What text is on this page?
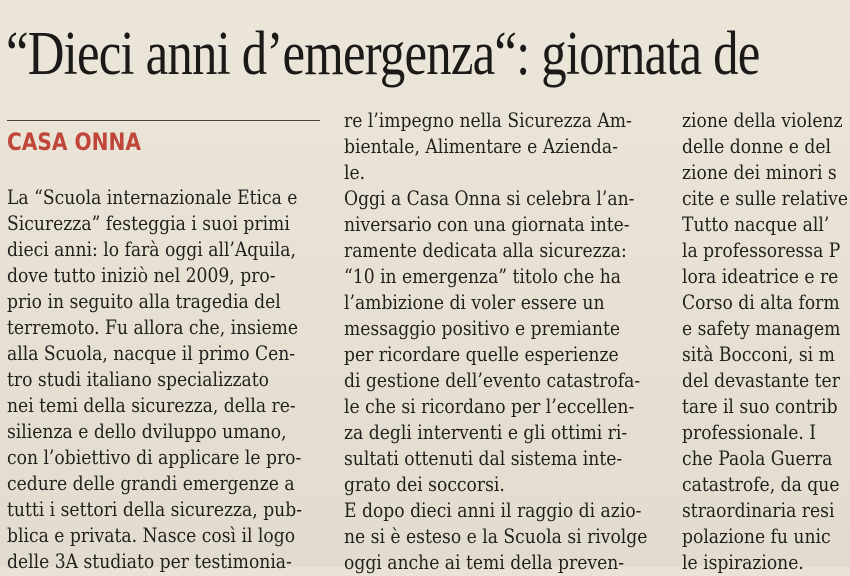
“Dieci anni d’emergenza“: giornata de
CASA ONNA
La “Scuola internazionale Etica e
Sicurezza” festeggia i suoi primi
dieci anni: lo farà oggi all’Aquila,
dove tutto iniziò nel 2009, pro-
prio in seguito alla tragedia del
terremoto. Fu allora che, insieme
alla Scuola, nacque il primo Cen-
tro studi italiano specializzato
nei temi della sicurezza, della re-
silienza e dello dviluppo umano,
con l’obiettivo di applicare le pro-
cedure delle grandi emergenze a
tutti i settori della sicurezza, pub-
blica e privata. Nasce così il logo
delle 3A studiato per testimonia-
re l’impegno nella Sicurezza Am-
bientale, Alimentare e Azienda-
le.
Oggi a Casa Onna si celebra l’an-
niversario con una giornata inte-
ramente dedicata alla sicurezza:
“10 in emergenza” titolo che ha
l’ambizione di voler essere un
messaggio positivo e premiante
per ricordare quelle esperienze
di gestione dell’evento catastrofa-
le che si ricordano per l’eccellen-
za degli interventi e gli ottimi ri-
sultati ottenuti dal sistema inte-
grato dei soccorsi.
E dopo dieci anni il raggio di azio-
ne si è esteso e la Scuola si rivolge
oggi anche ai temi della preven-
zione della violenz
delle donne e del
zione dei minori s
cite e sulle relative
Tutto nacque all’
la professoressa P
lora ideatrice e re
Corso di alta form
e safety managem
sità Bocconi, si m
del devastante ter
tare il suo contrib
professionale. I
che Paola Guerra
catastrofe, da que
straordinaria resi
polazione fu unic
le ispirazione.
